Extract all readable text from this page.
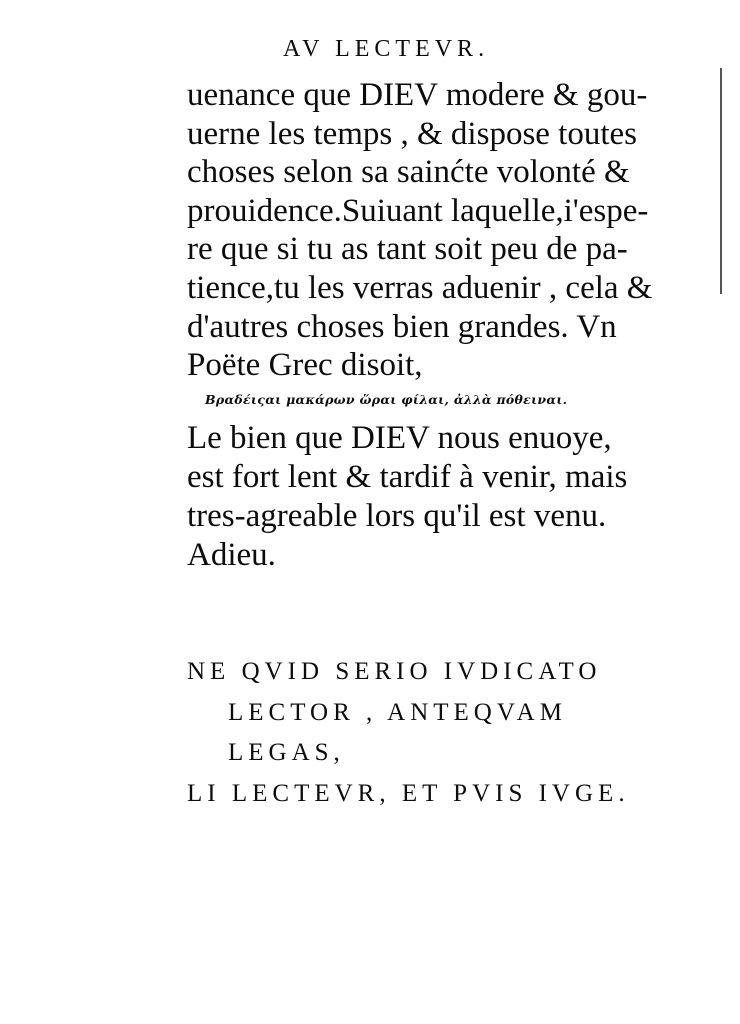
AV LECTEVR.
uenance que DIEV modere & gou-
uerne les temps , & dispose toutes
choses selon sa sainćte volonté &
prouidence.Suiuant laquelle,i'espe-
re que si tu as tant soit peu de pa-
tience,tu les verras aduenir , cela &
d'autres choses bien grandes. Vn
Poëte Grec disoit,
Βραδέιςαι μακάρων ὥραι φίλαι, ἀλλὰ πόθειναι.
Le bien que DIEV nous enuoye,
est fort lent & tardif à venir, mais
tres-agreable lors qu'il est venu.
Adieu.
NE QVID SERIO IVDICATO
LECTOR , ANTEQVAM
LEGAS,
LI LECTEVR, ET PVIS IVGE.
